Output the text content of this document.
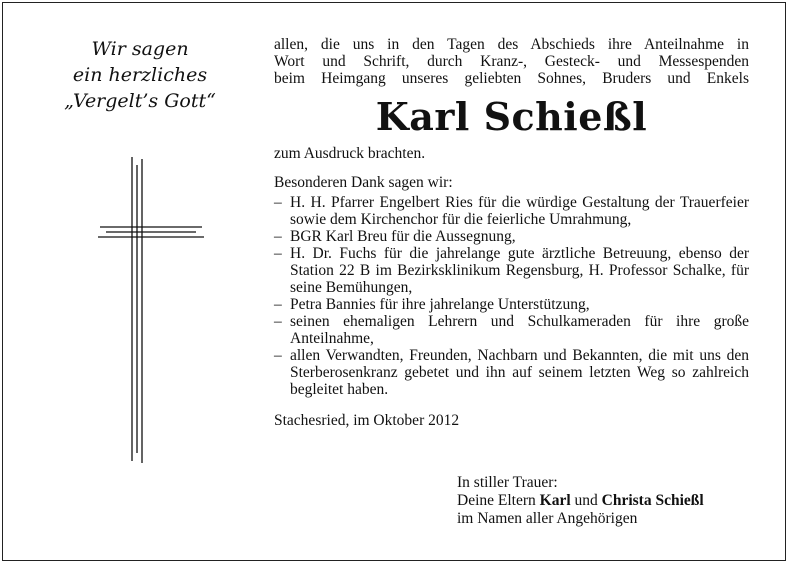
Wir sagen
ein herzliches
„Vergelt’s Gott“

allen, die uns in den Tagen des Abschieds ihre Anteilnahme in
Wort und Schrift, durch Kranz-, Gesteck- und Messespenden
beim Heimgang unseres geliebten Sohnes, Bruders und Enkels

Karl Schießl

zum Ausdruck brachten.

Besonderen Dank sagen wir:

– H. H. Pfarrer Engelbert Ries für die würdige Gestaltung der Trauerfeier sowie dem Kirchenchor für die feierliche Umrahmung,
– BGR Karl Breu für die Aussegnung,
– H. Dr. Fuchs für die jahrelange gute ärztliche Betreuung, ebenso der Station 22 B im Bezirksklinikum Regensburg, H. Professor Schalke, für seine Bemühungen,
– Petra Bannies für ihre jahrelange Unterstützung,
– seinen ehemaligen Lehrern und Schulkameraden für ihre große Anteilnahme,
– allen Verwandten, Freunden, Nachbarn und Bekannten, die mit uns den Sterberosenkranz gebetet und ihn auf seinem letzten Weg so zahlreich begleitet haben.

Stachesried, im Oktober 2012

In stiller Trauer:

Deine Eltern Karl und Christa Schießl

im Namen aller Angehörigen
